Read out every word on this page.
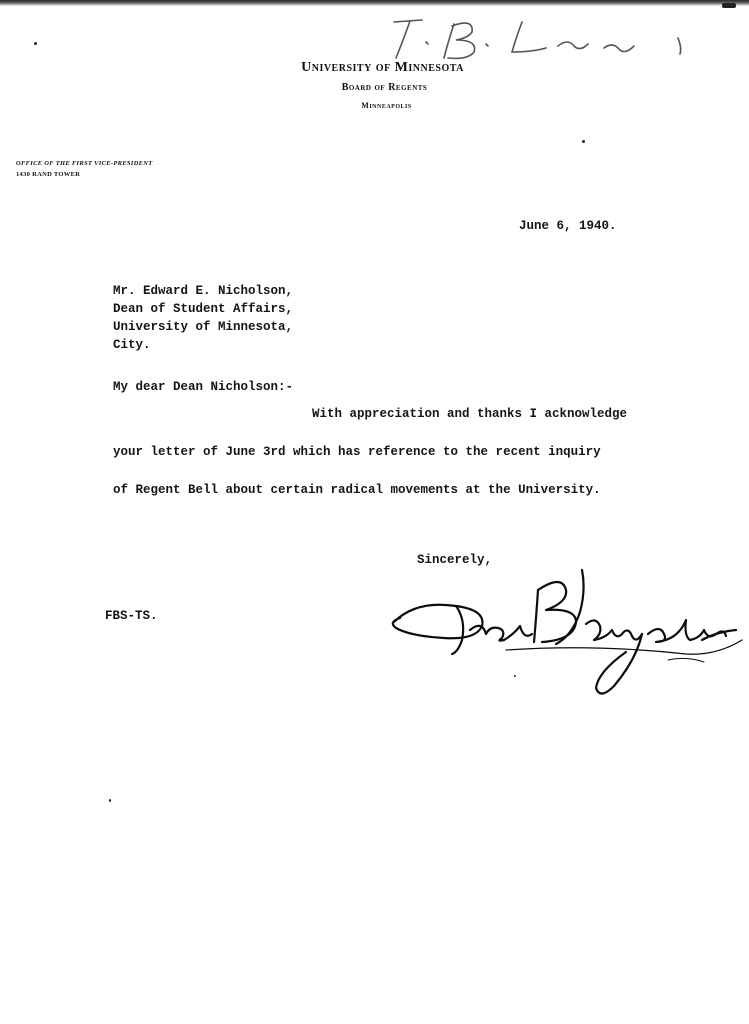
University of Minnesota
Board of Regents
Minneapolis
OFFICE OF THE FIRST VICE-PRESIDENT
1430 RAND TOWER
June 6, 1940.
Mr. Edward E. Nicholson,
Dean of Student Affairs,
University of Minnesota,
City.
My dear Dean Nicholson:-
With appreciation and thanks I acknowledge
your letter of June 3rd which has reference to the recent inquiry
of Regent Bell about certain radical movements at the University.
Sincerely,
FBS-TS.
